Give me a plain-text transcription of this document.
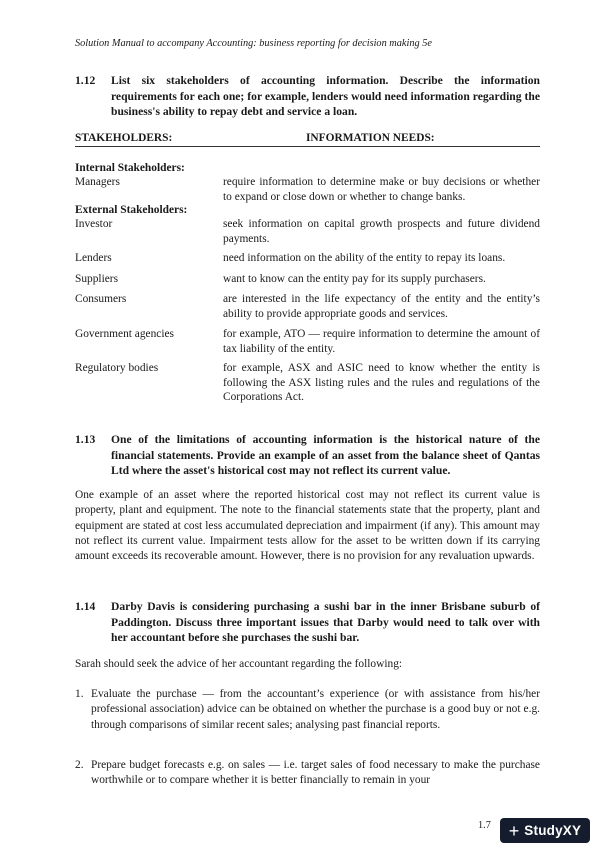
Solution Manual to accompany Accounting: business reporting for decision making 5e
1.12 List six stakeholders of accounting information. Describe the information requirements for each one; for example, lenders would need information regarding the business's ability to repay debt and service a loan.
STAKEHOLDERS:	INFORMATION NEEDS:
Internal Stakeholders:
Managers	require information to determine make or buy decisions or whether to expand or close down or whether to change banks.
External Stakeholders:
Investor	seek information on capital growth prospects and future dividend payments.
Lenders	need information on the ability of the entity to repay its loans.
Suppliers	want to know can the entity pay for its supply purchasers.
Consumers	are interested in the life expectancy of the entity and the entity’s ability to provide appropriate goods and services.
Government agencies	for example, ATO — require information to determine the amount of tax liability of the entity.
Regulatory bodies	for example, ASX and ASIC need to know whether the entity is following the ASX listing rules and the rules and regulations of the Corporations Act.
1.13 One of the limitations of accounting information is the historical nature of the financial statements. Provide an example of an asset from the balance sheet of Qantas Ltd where the asset's historical cost may not reflect its current value.
One example of an asset where the reported historical cost may not reflect its current value is property, plant and equipment. The note to the financial statements state that the property, plant and equipment are stated at cost less accumulated depreciation and impairment (if any). This amount may not reflect its current value. Impairment tests allow for the asset to be written down if its carrying amount exceeds its recoverable amount. However, there is no provision for any revaluation upwards.
1.14 Darby Davis is considering purchasing a sushi bar in the inner Brisbane suburb of Paddington. Discuss three important issues that Darby would need to talk over with her accountant before she purchases the sushi bar.
Sarah should seek the advice of her accountant regarding the following:
1. Evaluate the purchase — from the accountant’s experience (or with assistance from his/her professional association) advice can be obtained on whether the purchase is a good buy or not e.g. through comparisons of similar recent sales; analysing past financial reports.
2. Prepare budget forecasts e.g. on sales — i.e. target sales of food necessary to make the purchase worthwhile or to compare whether it is better financially to remain in your
1.7 + StudyXY
